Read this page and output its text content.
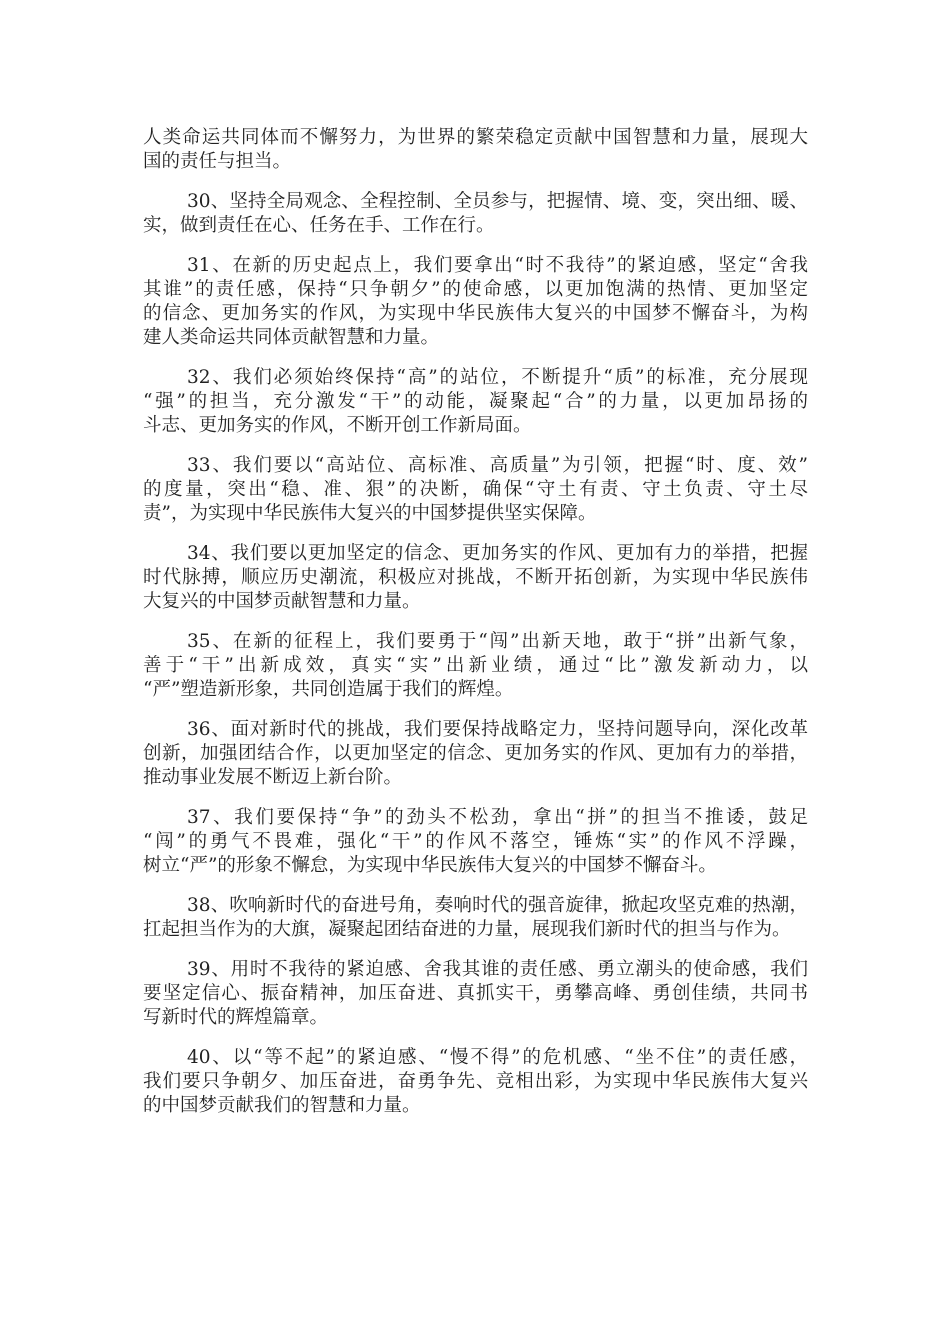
人类命运共同体而不懈努力，为世界的繁荣稳定贡献中国智慧和力量，展现大
国的责任与担当。
30、坚持全局观念、全程控制、全员参与，把握情、境、变，突出细、暖、
实，做到责任在心、任务在手、工作在行。
31、在新的历史起点上，我们要拿出“时不我待”的紧迫感，坚定“舍我
其谁”的责任感，保持“只争朝夕”的使命感，以更加饱满的热情、更加坚定
的信念、更加务实的作风，为实现中华民族伟大复兴的中国梦不懈奋斗，为构
建人类命运共同体贡献智慧和力量。
32、我们必须始终保持“高”的站位，不断提升“质”的标准，充分展现
“强”的担当，充分激发“干”的动能，凝聚起“合”的力量，以更加昂扬的
斗志、更加务实的作风，不断开创工作新局面。
33、我们要以“高站位、高标准、高质量”为引领，把握“时、度、效”
的度量，突出“稳、准、狠”的决断，确保“守土有责、守土负责、守土尽
责”，为实现中华民族伟大复兴的中国梦提供坚实保障。
34、我们要以更加坚定的信念、更加务实的作风、更加有力的举措，把握
时代脉搏，顺应历史潮流，积极应对挑战，不断开拓创新，为实现中华民族伟
大复兴的中国梦贡献智慧和力量。
35、在新的征程上，我们要勇于“闯”出新天地，敢于“拼”出新气象，
善于“干”出新成效，真实“实”出新业绩，通过“比”激发新动力，以
“严”塑造新形象，共同创造属于我们的辉煌。
36、面对新时代的挑战，我们要保持战略定力，坚持问题导向，深化改革
创新，加强团结合作，以更加坚定的信念、更加务实的作风、更加有力的举措，
推动事业发展不断迈上新台阶。
37、我们要保持“争”的劲头不松劲，拿出“拼”的担当不推诿，鼓足
“闯”的勇气不畏难，强化“干”的作风不落空，锤炼“实”的作风不浮躁，
树立“严”的形象不懈怠，为实现中华民族伟大复兴的中国梦不懈奋斗。
38、吹响新时代的奋进号角，奏响时代的强音旋律，掀起攻坚克难的热潮，
扛起担当作为的大旗，凝聚起团结奋进的力量，展现我们新时代的担当与作为。
39、用时不我待的紧迫感、舍我其谁的责任感、勇立潮头的使命感，我们
要坚定信心、振奋精神，加压奋进、真抓实干，勇攀高峰、勇创佳绩，共同书
写新时代的辉煌篇章。
40、以“等不起”的紧迫感、“慢不得”的危机感、“坐不住”的责任感，
我们要只争朝夕、加压奋进，奋勇争先、竞相出彩，为实现中华民族伟大复兴
的中国梦贡献我们的智慧和力量。
